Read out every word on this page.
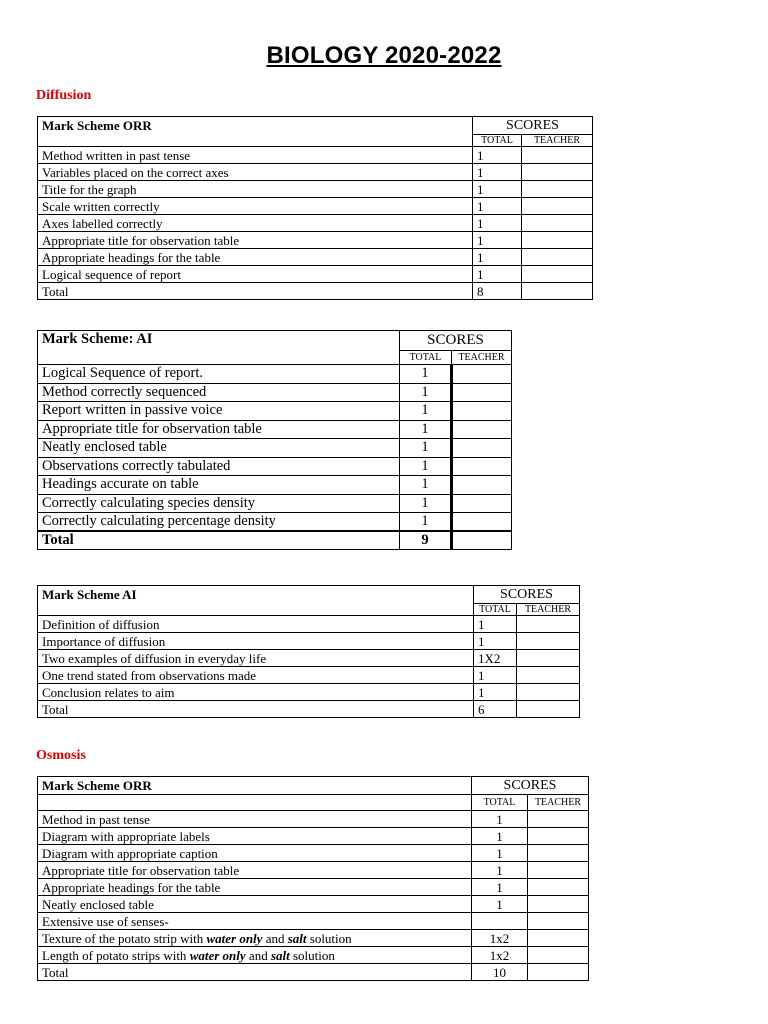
BIOLOGY 2020-2022
Diffusion
Mark Scheme ORR	SCORES	
	TOTAL	TEACHER
Method written in past tense	1	
Variables placed on the correct axes	1	
Title for the graph	1	
Scale written correctly	1	
Axes labelled correctly	1	
Appropriate title for observation table	1	
Appropriate headings for the table	1	
Logical sequence of report	1	
Total	8	
Mark Scheme: AI	SCORES	
	TOTAL	TEACHER
Logical Sequence of report.	1	
Method correctly sequenced	1	
Report written in passive voice	1	
Appropriate title for observation table	1	
Neatly enclosed table	1	
Observations correctly tabulated	1	
Headings accurate on table	1	
Correctly calculating species density	1	
Correctly calculating percentage density	1	
Total	9	
Mark Scheme AI	SCORES	
	TOTAL	TEACHER
Definition of diffusion	1	
Importance of diffusion	1	
Two examples of diffusion in everyday life	1X2	
One trend stated from observations made	1	
Conclusion relates to aim	1	
Total	6	
Osmosis
Mark Scheme ORR	SCORES	
	TOTAL	TEACHER
Method in past tense	1	
Diagram with appropriate labels	1	
Diagram with appropriate caption	1	
Appropriate title for observation table	1	
Appropriate headings for the table	1	
Neatly enclosed table	1	
Extensive use of senses-		
Texture of the potato strip with water only and salt solution	1x2	
Length of potato strips with water only and salt solution	1x2	
Total	10	
